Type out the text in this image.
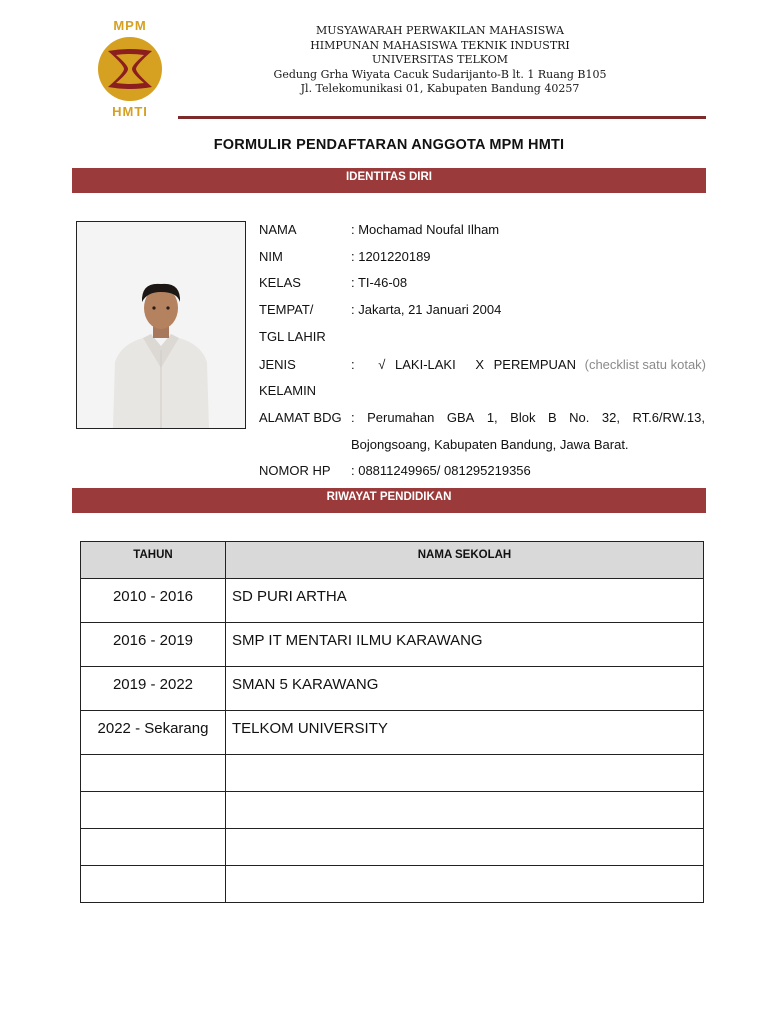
MPM
HMTI
MUSYAWARAH PERWAKILAN MAHASISWA
HIMPUNAN MAHASISWA TEKNIK INDUSTRI
UNIVERSITAS TELKOM
Gedung Grha Wiyata Cacuk Sudarijanto-B lt. 1 Ruang B105
Jl. Telekomunikasi 01, Kabupaten Bandung 40257
FORMULIR PENDAFTARAN ANGGOTA MPM HMTI
IDENTITAS DIRI
NAMA	: Mochamad Noufal Ilham
NIM	: 1201220189
KELAS	: TI-46-08
TEMPAT/	: Jakarta, 21 Januari 2004
TGL LAHIR
JENIS	: √ LAKI-LAKI X PEREMPUAN (checklist satu kotak)
KELAMIN
ALAMAT BDG : Perumahan GBA 1, Blok B No. 32, RT.6/RW.13,
Bojongsoang, Kabupaten Bandung, Jawa Barat.
NOMOR HP : 08811249965/ 081295219356
RIWAYAT PENDIDIKAN
TAHUN	NAMA SEKOLAH
2010 - 2016	SD PURI ARTHA
2016 - 2019	SMP IT MENTARI ILMU KARAWANG
2019 - 2022	SMAN 5 KARAWANG
2022 - Sekarang	TELKOM UNIVERSITY
